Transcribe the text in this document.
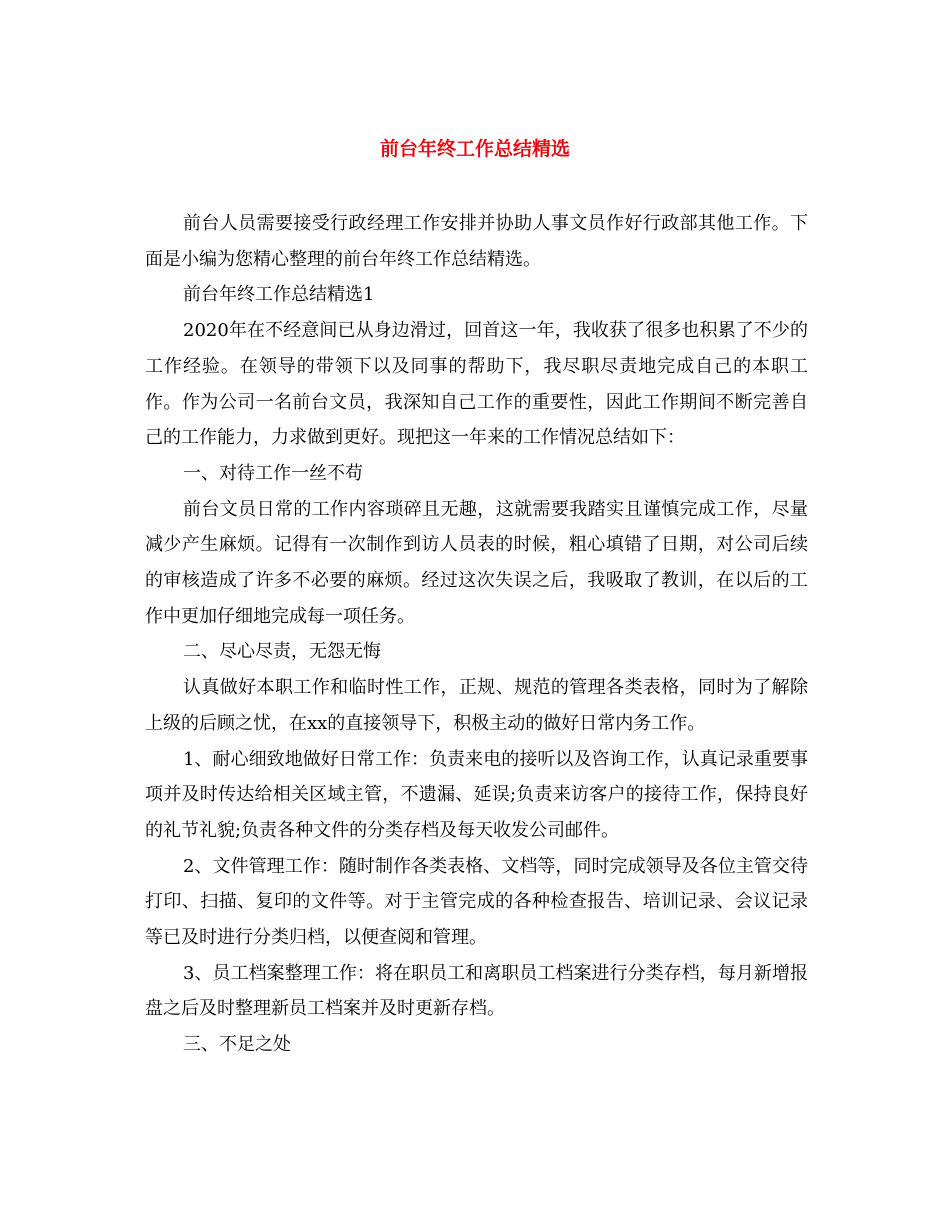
前台年终工作总结精选

前台人员需要接受行政经理工作安排并协助人事文员作好行政部其他工作。下面是小编为您精心整理的前台年终工作总结精选。

前台年终工作总结精选1

2020年在不经意间已从身边滑过，回首这一年，我收获了很多也积累了不少的工作经验。在领导的带领下以及同事的帮助下，我尽职尽责地完成自己的本职工作。作为公司一名前台文员，我深知自己工作的重要性，因此工作期间不断完善自己的工作能力，力求做到更好。现把这一年来的工作情况总结如下：

一、对待工作一丝不苟

前台文员日常的工作内容琐碎且无趣，这就需要我踏实且谨慎完成工作，尽量减少产生麻烦。记得有一次制作到访人员表的时候，粗心填错了日期，对公司后续的审核造成了许多不必要的麻烦。经过这次失误之后，我吸取了教训，在以后的工作中更加仔细地完成每一项任务。

二、尽心尽责，无怨无悔

认真做好本职工作和临时性工作，正规、规范的管理各类表格，同时为了解除上级的后顾之忧，在xx的直接领导下，积极主动的做好日常内务工作。

1、耐心细致地做好日常工作：负责来电的接听以及咨询工作，认真记录重要事项并及时传达给相关区域主管，不遗漏、延误;负责来访客户的接待工作，保持良好的礼节礼貌;负责各种文件的分类存档及每天收发公司邮件。

2、文件管理工作：随时制作各类表格、文档等，同时完成领导及各位主管交待打印、扫描、复印的文件等。对于主管完成的各种检查报告、培训记录、会议记录等已及时进行分类归档，以便查阅和管理。

3、员工档案整理工作：将在职员工和离职员工档案进行分类存档，每月新增报盘之后及时整理新员工档案并及时更新存档。

三、不足之处
